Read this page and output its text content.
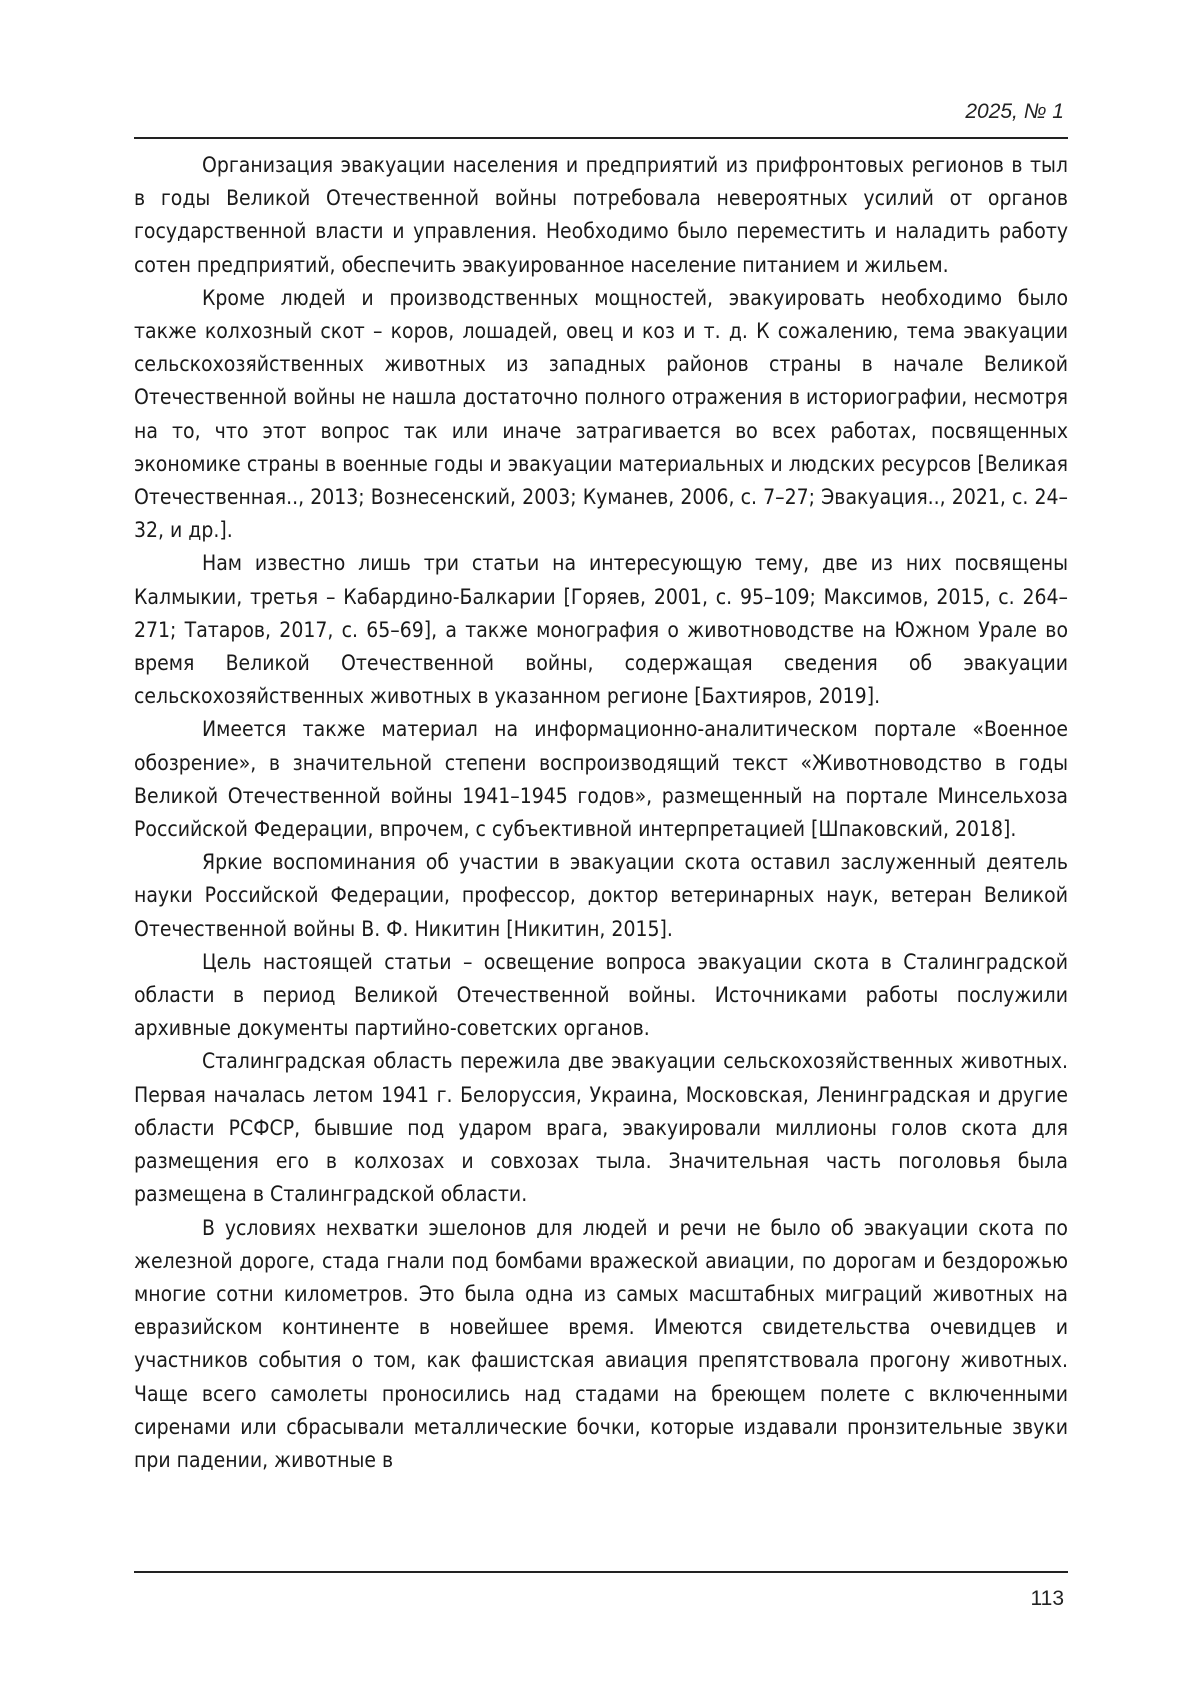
2025, № 1

Организация эвакуации населения и предприятий из прифронтовых регионов в тыл в годы Великой Отечественной войны потребовала невероятных усилий от органов государственной власти и управления. Необходимо было переместить и наладить работу сотен предприятий, обеспечить эвакуированное население питанием и жильем.

Кроме людей и производственных мощностей, эвакуировать необходимо было также колхозный скот – коров, лошадей, овец и коз и т. д. К сожалению, тема эвакуации сельскохозяйственных животных из западных районов страны в начале Великой Отечественной войны не нашла достаточно полного отражения в историографии, несмотря на то, что этот вопрос так или иначе затрагивается во всех работах, посвященных экономике страны в военные годы и эвакуации материальных и людских ресурсов [Великая Отечественная.., 2013; Вознесенский, 2003; Куманев, 2006, с. 7–27; Эвакуация.., 2021, с. 24–32, и др.].

Нам известно лишь три статьи на интересующую тему, две из них посвящены Калмыкии, третья – Кабардино-Балкарии [Горяев, 2001, с. 95–109; Максимов, 2015, с. 264–271; Татаров, 2017, с. 65–69], а также монография о животноводстве на Южном Урале во время Великой Отечественной войны, содержащая сведения об эвакуации сельскохозяйственных животных в указанном регионе [Бахтияров, 2019].

Имеется также материал на информационно-аналитическом портале «Военное обозрение», в значительной степени воспроизводящий текст «Животноводство в годы Великой Отечественной войны 1941–1945 годов», размещенный на портале Минсельхоза Российской Федерации, впрочем, с субъективной интерпретацией [Шпаковский, 2018].

Яркие воспоминания об участии в эвакуации скота оставил заслуженный деятель науки Российской Федерации, профессор, доктор ветеринарных наук, ветеран Великой Отечественной войны В. Ф. Никитин [Никитин, 2015].

Цель настоящей статьи – освещение вопроса эвакуации скота в Сталинградской области в период Великой Отечественной войны. Источниками работы послужили архивные документы партийно-советских органов.

Сталинградская область пережила две эвакуации сельскохозяйственных животных. Первая началась летом 1941 г. Белоруссия, Украина, Московская, Ленинградская и другие области РСФСР, бывшие под ударом врага, эвакуировали миллионы голов скота для размещения его в колхозах и совхозах тыла. Значительная часть поголовья была размещена в Сталинградской области.

В условиях нехватки эшелонов для людей и речи не было об эвакуации скота по железной дороге, стада гнали под бомбами вражеской авиации, по дорогам и бездорожью многие сотни километров. Это была одна из самых масштабных миграций животных на евразийском континенте в новейшее время. Имеются свидетельства очевидцев и участников события о том, как фашистская авиация препятствовала прогону животных. Чаще всего самолеты проносились над стадами на бреющем полете с включенными сиренами или сбрасывали металлические бочки, которые издавали пронзительные звуки при падении, животные в

113
